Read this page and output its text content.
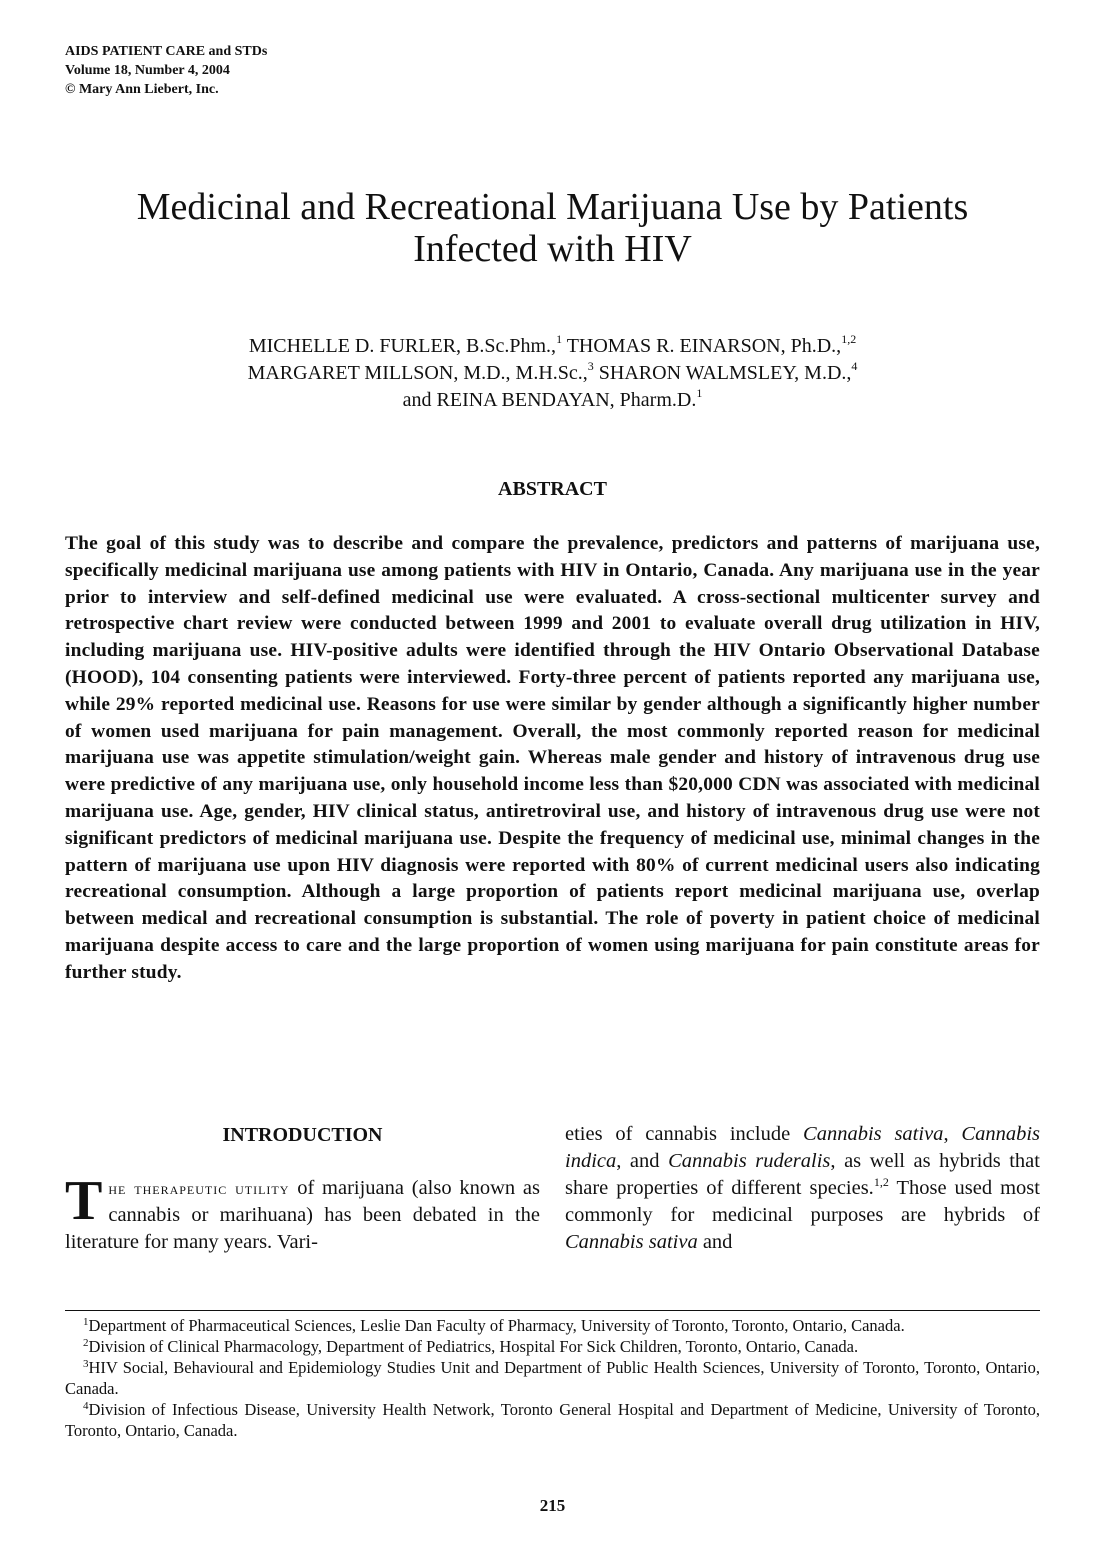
AIDS PATIENT CARE and STDs
Volume 18, Number 4, 2004
© Mary Ann Liebert, Inc.
Medicinal and Recreational Marijuana Use by Patients
Infected with HIV
MICHELLE D. FURLER, B.Sc.Phm.,$^1$ THOMAS R. EINARSON, Ph.D.,$^{1,2}$
MARGARET MILLSON, M.D., M.H.Sc.,$^3$ SHARON WALMSLEY, M.D.,$^4$
and REINA BENDAYAN, Pharm.D.$^1$
ABSTRACT
The goal of this study was to describe and compare the prevalence, predictors and patterns of marijuana use, specifically medicinal marijuana use among patients with HIV in Ontario, Canada. Any marijuana use in the year prior to interview and self-defined medicinal use were evaluated. A cross-sectional multicenter survey and retrospective chart review were conducted between 1999 and 2001 to evaluate overall drug utilization in HIV, including marijuana use. HIV-positive adults were identified through the HIV Ontario Observational Database (HOOD), 104 consenting patients were interviewed. Forty-three percent of patients reported any marijuana use, while 29% reported medicinal use. Reasons for use were similar by gender although a significantly higher number of women used marijuana for pain management. Overall, the most commonly reported reason for medicinal marijuana use was appetite stimulation/weight gain. Whereas male gender and history of intravenous drug use were predictive of any marijuana use, only household income less than $20,000 CDN was associated with medicinal marijuana use. Age, gender, HIV clinical status, antiretroviral use, and history of intravenous drug use were not significant predictors of medicinal marijuana use. Despite the frequency of medicinal use, minimal changes in the pattern of marijuana use upon HIV diagnosis were reported with 80% of current medicinal users also indicating recreational consumption. Although a large proportion of patients report medicinal marijuana use, overlap between medical and recreational consumption is substantial. The role of poverty in patient choice of medicinal marijuana despite access to care and the large proportion of women using marijuana for pain constitute areas for further study.
INTRODUCTION
The therapeutic utility of marijuana (also known as cannabis or marihuana) has been debated in the literature for many years. Vari-
eties of cannabis include Cannabis sativa, Cannabis indica, and Cannabis ruderalis, as well as hybrids that share properties of different species.$^{1,2}$ Those used most commonly for medicinal purposes are hybrids of Cannabis sativa and

$^1$Department of Pharmaceutical Sciences, Leslie Dan Faculty of Pharmacy, University of Toronto, Toronto, Ontario, Canada.

$^2$Division of Clinical Pharmacology, Department of Pediatrics, Hospital For Sick Children, Toronto, Ontario, Canada.

$^3$HIV Social, Behavioural and Epidemiology Studies Unit and Department of Public Health Sciences, University of Toronto, Toronto, Ontario, Canada.

$^4$Division of Infectious Disease, University Health Network, Toronto General Hospital and Department of Medicine, University of Toronto, Toronto, Ontario, Canada.

215
